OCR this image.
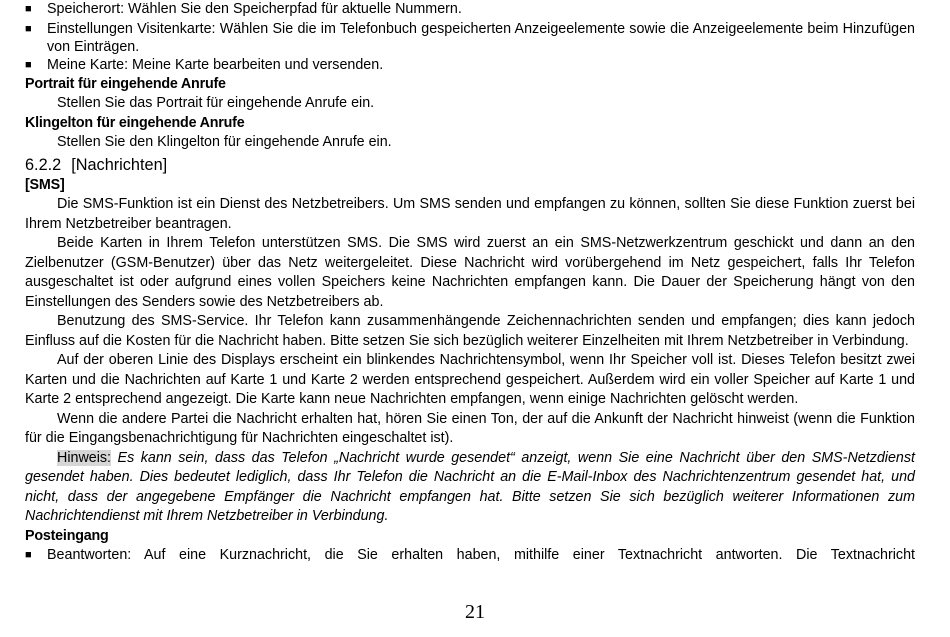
■	Speicherort: Wählen Sie den Speicherpfad für aktuelle Nummern.

■	Einstellungen Visitenkarte: Wählen Sie die im Telefonbuch gespeicherten Anzeigeelemente sowie die Anzeigeelemente beim Hinzufügen von Einträgen.

■	Meine Karte: Meine Karte bearbeiten und versenden.

Portrait für eingehende Anrufe

Stellen Sie das Portrait für eingehende Anrufe ein.

Klingelton für eingehende Anrufe

Stellen Sie den Klingelton für eingehende Anrufe ein.

6.2.2 [Nachrichten]

[SMS]

Die SMS-Funktion ist ein Dienst des Netzbetreibers. Um SMS senden und empfangen zu können, sollten Sie diese Funktion zuerst bei Ihrem Netzbetreiber beantragen.

Beide Karten in Ihrem Telefon unterstützen SMS. Die SMS wird zuerst an ein SMS-Netzwerkzentrum geschickt und dann an den Zielbenutzer (GSM-Benutzer) über das Netz weitergeleitet. Diese Nachricht wird vorübergehend im Netz gespeichert, falls Ihr Telefon ausgeschaltet ist oder aufgrund eines vollen Speichers keine Nachrichten empfangen kann. Die Dauer der Speicherung hängt von den Einstellungen des Senders sowie des Netzbetreibers ab.

Benutzung des SMS-Service. Ihr Telefon kann zusammenhängende Zeichennachrichten senden und empfangen; dies kann jedoch Einfluss auf die Kosten für die Nachricht haben. Bitte setzen Sie sich bezüglich weiterer Einzelheiten mit Ihrem Netzbetreiber in Verbindung.

Auf der oberen Linie des Displays erscheint ein blinkendes Nachrichtensymbol, wenn Ihr Speicher voll ist. Dieses Telefon besitzt zwei Karten und die Nachrichten auf Karte 1 und Karte 2 werden entsprechend gespeichert. Außerdem wird ein voller Speicher auf Karte 1 und Karte 2 entsprechend angezeigt. Die Karte kann neue Nachrichten empfangen, wenn einige Nachrichten gelöscht werden.

Wenn die andere Partei die Nachricht erhalten hat, hören Sie einen Ton, der auf die Ankunft der Nachricht hinweist (wenn die Funktion für die Eingangsbenachrichtigung für Nachrichten eingeschaltet ist).

Hinweis: Es kann sein, dass das Telefon „Nachricht wurde gesendet“ anzeigt, wenn Sie eine Nachricht über den SMS-Netzdienst gesendet haben. Dies bedeutet lediglich, dass Ihr Telefon die Nachricht an die E-Mail-Inbox des Nachrichtenzentrum gesendet hat, und nicht, dass der angegebene Empfänger die Nachricht empfangen hat. Bitte setzen Sie sich bezüglich weiterer Informationen zum Nachrichtendienst mit Ihrem Netzbetreiber in Verbindung.

Posteingang

■	Beantworten: Auf eine Kurznachricht, die Sie erhalten haben, mithilfe einer Textnachricht antworten. Die Textnachricht

21
